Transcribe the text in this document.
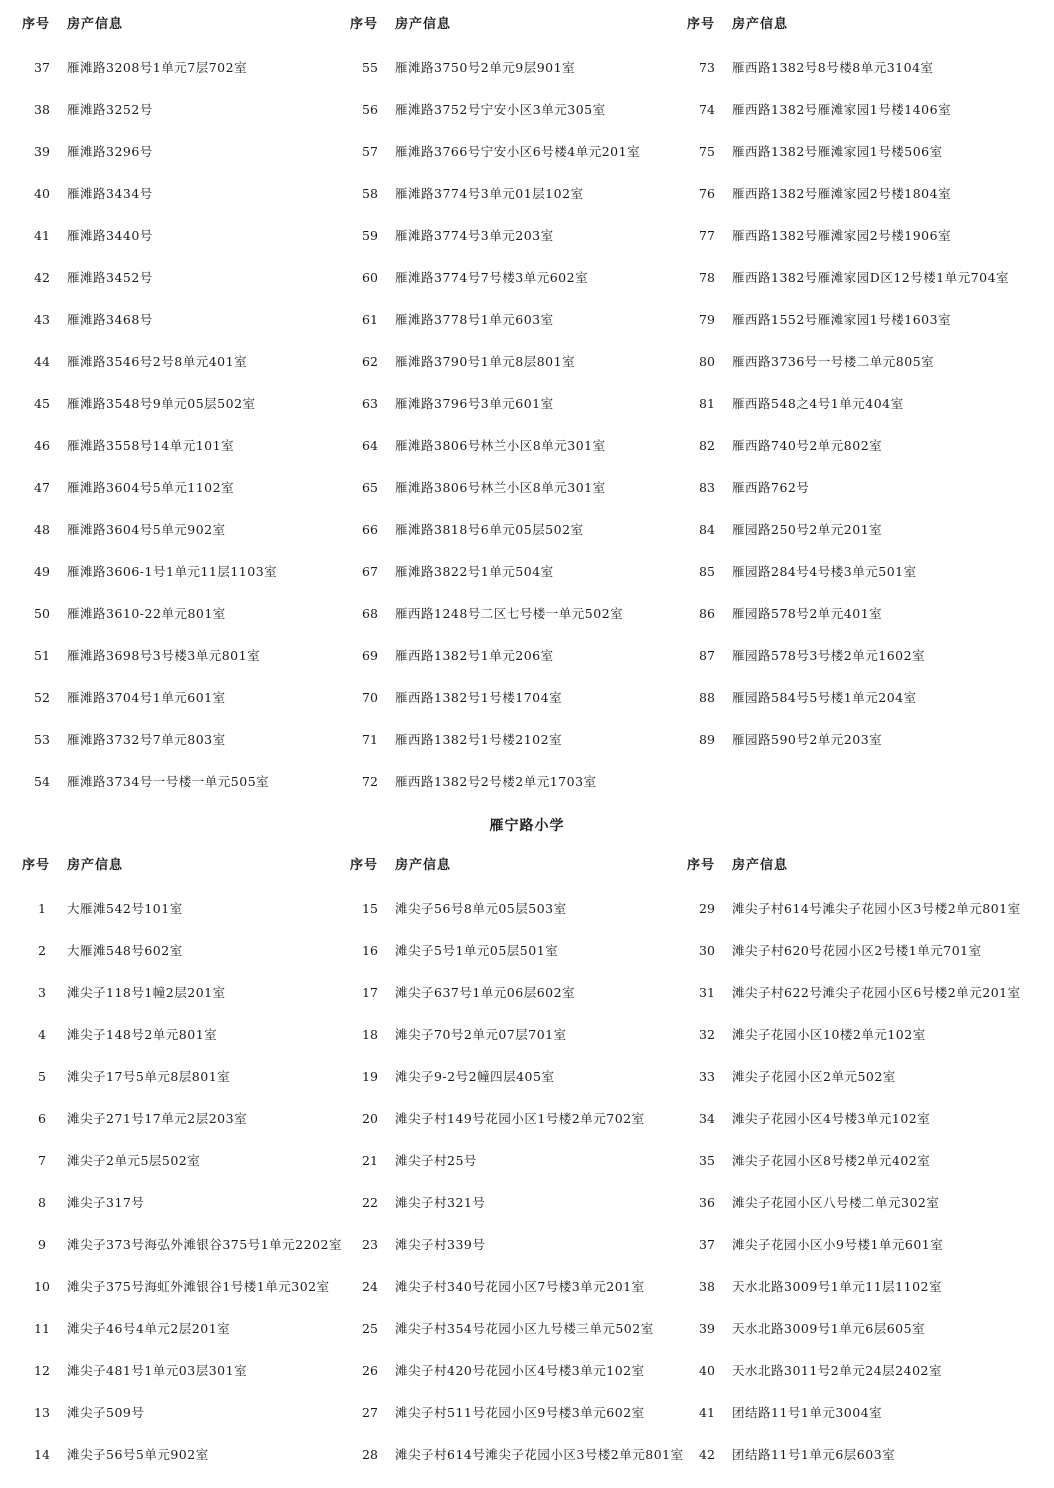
序号 房产信息
37	雁滩路3208号1单元7层702室
38	雁滩路3252号
39	雁滩路3296号
40	雁滩路3434号
41	雁滩路3440号
42	雁滩路3452号
43	雁滩路3468号
44	雁滩路3546号2号8单元401室
45	雁滩路3548号9单元05层502室
46	雁滩路3558号14单元101室
47	雁滩路3604号5单元1102室
48	雁滩路3604号5单元902室
49	雁滩路3606-1号1单元11层1103室
50	雁滩路3610-22单元801室
51	雁滩路3698号3号楼3单元801室
52	雁滩路3704号1单元601室
53	雁滩路3732号7单元803室
54	雁滩路3734号一号楼一单元505室
序号 房产信息
55	雁滩路3750号2单元9层901室
56	雁滩路3752号宁安小区3单元305室
57	雁滩路3766号宁安小区6号楼4单元201室
58	雁滩路3774号3单元01层102室
59	雁滩路3774号3单元203室
60	雁滩路3774号7号楼3单元602室
61	雁滩路3778号1单元603室
62	雁滩路3790号1单元8层801室
63	雁滩路3796号3单元601室
64	雁滩路3806号林兰小区8单元301室
65	雁滩路3806号林兰小区8单元301室
66	雁滩路3818号6单元05层502室
67	雁滩路3822号1单元504室
68	雁西路1248号二区七号楼一单元502室
69	雁西路1382号1单元206室
70	雁西路1382号1号楼1704室
71	雁西路1382号1号楼2102室
72	雁西路1382号2号楼2单元1703室
序号 房产信息
73	雁西路1382号8号楼8单元3104室
74	雁西路1382号雁滩家园1号楼1406室
75	雁西路1382号雁滩家园1号楼506室
76	雁西路1382号雁滩家园2号楼1804室
77	雁西路1382号雁滩家园2号楼1906室
78	雁西路1382号雁滩家园D区12号楼1单元704室
79	雁西路1552号雁滩家园1号楼1603室
80	雁西路3736号一号楼二单元805室
81	雁西路548之4号1单元404室
82	雁西路740号2单元802室
83	雁西路762号
84	雁园路250号2单元201室
85	雁园路284号4号楼3单元501室
86	雁园路578号2单元401室
87	雁园路578号3号楼2单元1602室
88	雁园路584号5号楼1单元204室
89	雁园路590号2单元203室
雁宁路小学
序号 房产信息
1	大雁滩542号101室
2	大雁滩548号602室
3	滩尖子118号1幢2层201室
4	滩尖子148号2单元801室
5	滩尖子17号5单元8层801室
6	滩尖子271号17单元2层203室
7	滩尖子2单元5层502室
8	滩尖子317号
9	滩尖子373号海弘外滩银谷375号1单元2202室
10	滩尖子375号海虹外滩银谷1号楼1单元302室
11	滩尖子46号4单元2层201室
12	滩尖子481号1单元03层301室
13	滩尖子509号
14	滩尖子56号5单元902室
序号 房产信息
15	滩尖子56号8单元05层503室
16	滩尖子5号1单元05层501室
17	滩尖子637号1单元06层602室
18	滩尖子70号2单元07层701室
19	滩尖子9-2号2幢四层405室
20	滩尖子村149号花园小区1号楼2单元702室
21	滩尖子村25号
22	滩尖子村321号
23	滩尖子村339号
24	滩尖子村340号花园小区7号楼3单元201室
25	滩尖子村354号花园小区九号楼三单元502室
26	滩尖子村420号花园小区4号楼3单元102室
27	滩尖子村511号花园小区9号楼3单元602室
28	滩尖子村614号滩尖子花园小区3号楼2单元801室
序号 房产信息
29	滩尖子村614号滩尖子花园小区3号楼2单元801室
30	滩尖子村620号花园小区2号楼1单元701室
31	滩尖子村622号滩尖子花园小区6号楼2单元201室
32	滩尖子花园小区10楼2单元102室
33	滩尖子花园小区2单元502室
34	滩尖子花园小区4号楼3单元102室
35	滩尖子花园小区8号楼2单元402室
36	滩尖子花园小区八号楼二单元302室
37	滩尖子花园小区小9号楼1单元601室
38	天水北路3009号1单元11层1102室
39	天水北路3009号1单元6层605室
40	天水北路3011号2单元24层2402室
41	团结路11号1单元3004室
42	团结路11号1单元6层603室
